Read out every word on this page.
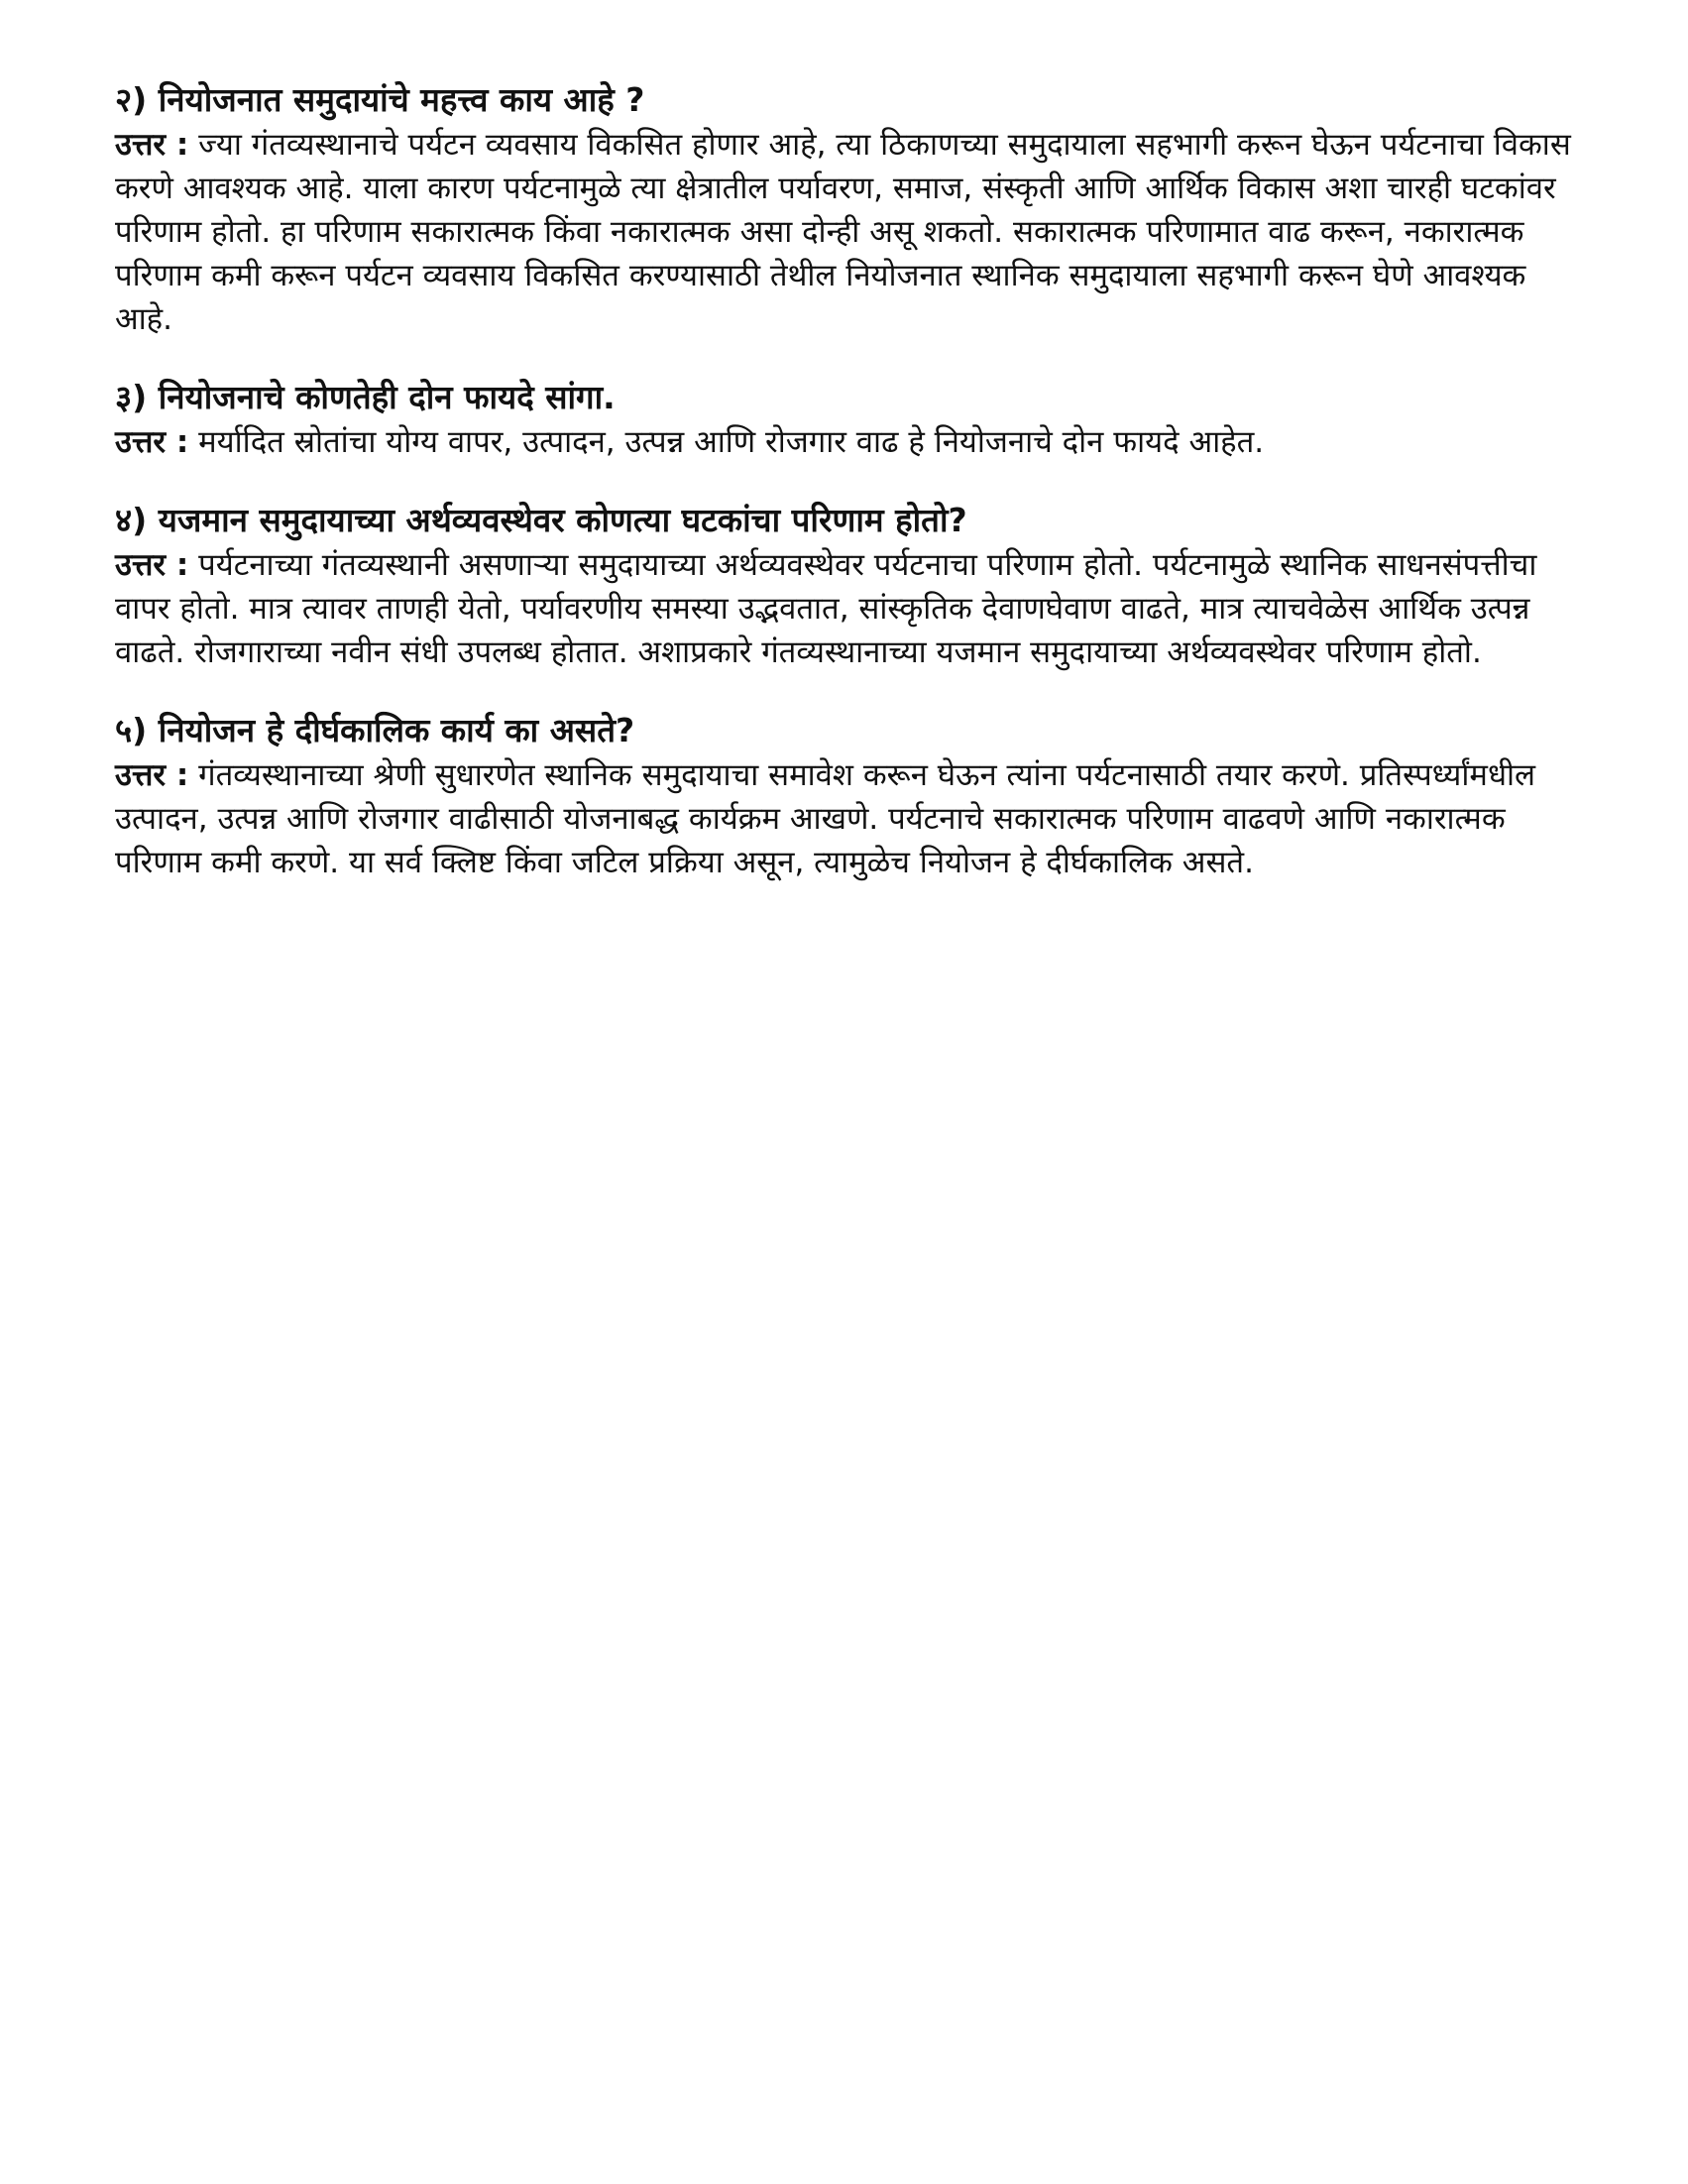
२) नियोजनात समुदायांचे महत्त्व काय आहे ?

उत्तर : ज्या गंतव्यस्थानाचे पर्यटन व्यवसाय विकसित होणार आहे, त्या ठिकाणच्या समुदायाला सहभागी करून घेऊन पर्यटनाचा विकास करणे आवश्यक आहे. याला कारण पर्यटनामुळे त्या क्षेत्रातील पर्यावरण, समाज, संस्कृती आणि आर्थिक विकास अशा चारही घटकांवर परिणाम होतो. हा परिणाम सकारात्मक किंवा नकारात्मक असा दोन्ही असू शकतो. सकारात्मक परिणामात वाढ करून, नकारात्मक परिणाम कमी करून पर्यटन व्यवसाय विकसित करण्यासाठी तेथील नियोजनात स्थानिक समुदायाला सहभागी करून घेणे आवश्यक आहे.

३) नियोजनाचे कोणतेही दोन फायदे सांगा.

उत्तर : मर्यादित स्रोतांचा योग्य वापर, उत्पादन, उत्पन्न आणि रोजगार वाढ हे नियोजनाचे दोन फायदे आहेत.

४) यजमान समुदायाच्या अर्थव्यवस्थेवर कोणत्या घटकांचा परिणाम होतो?

उत्तर : पर्यटनाच्या गंतव्यस्थानी असणाऱ्या समुदायाच्या अर्थव्यवस्थेवर पर्यटनाचा परिणाम होतो. पर्यटनामुळे स्थानिक साधनसंपत्तीचा वापर होतो. मात्र त्यावर ताणही येतो, पर्यावरणीय समस्या उद्भवतात, सांस्कृतिक देवाणघेवाण वाढते, मात्र त्याचवेळेस आर्थिक उत्पन्न वाढते. रोजगाराच्या नवीन संधी उपलब्ध होतात. अशाप्रकारे गंतव्यस्थानाच्या यजमान समुदायाच्या अर्थव्यवस्थेवर परिणाम होतो.

५) नियोजन हे दीर्घकालिक कार्य का असते?

उत्तर : गंतव्यस्थानाच्या श्रेणी सुधारणेत स्थानिक समुदायाचा समावेश करून घेऊन त्यांना पर्यटनासाठी तयार करणे. प्रतिस्पर्ध्यांमधील उत्पादन, उत्पन्न आणि रोजगार वाढीसाठी योजनाबद्ध कार्यक्रम आखणे. पर्यटनाचे सकारात्मक परिणाम वाढवणे आणि नकारात्मक परिणाम कमी करणे. या सर्व क्लिष्ट किंवा जटिल प्रक्रिया असून, त्यामुळेच नियोजन हे दीर्घकालिक असते.
